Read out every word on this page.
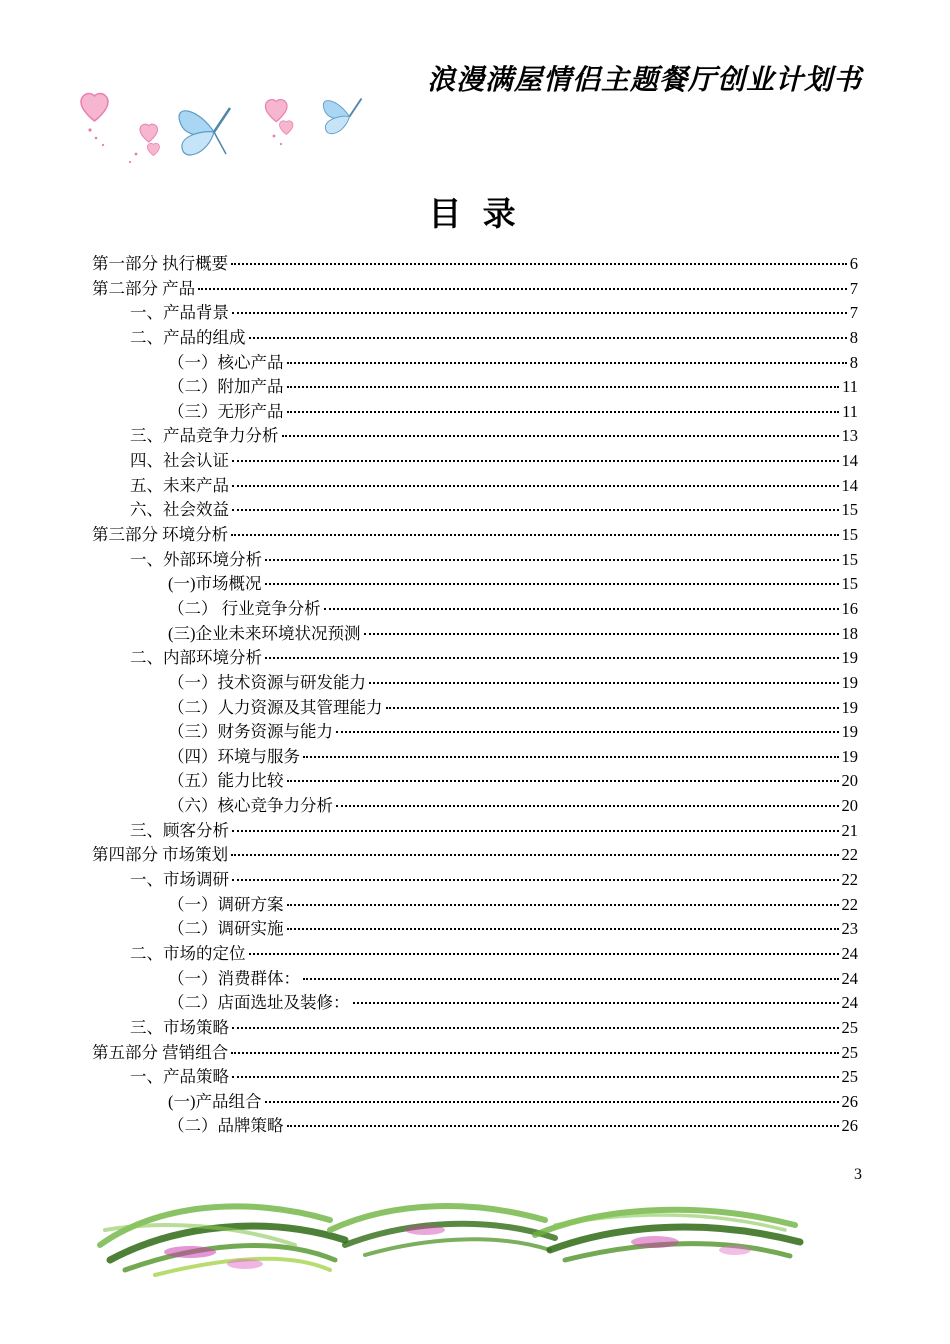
浪漫满屋情侣主题餐厅创业计划书
目 录
第一部分 执行概要	6
第二部分 产品	7
一、产品背景	7
二、产品的组成	8
（一）核心产品	8
（二）附加产品	11
（三）无形产品	11
三、产品竞争力分析	13
四、社会认证	14
五、未来产品	14
六、社会效益	15
第三部分 环境分析	15
一、外部环境分析	15
(一)市场概况	15
（二） 行业竞争分析	16
(三)企业未来环境状况预测	18
二、内部环境分析	19
（一）技术资源与研发能力	19
（二）人力资源及其管理能力	19
（三）财务资源与能力	19
（四）环境与服务	19
（五）能力比较	20
（六）核心竞争力分析	20
三、顾客分析	21
第四部分 市场策划	22
一、市场调研	22
（一）调研方案	22
（二）调研实施	23
二、市场的定位	24
（一）消费群体：	24
（二）店面选址及装修：	24
三、市场策略	25
第五部分 营销组合	25
一、产品策略	25
(一)产品组合	26
（二）品牌策略	26
3
